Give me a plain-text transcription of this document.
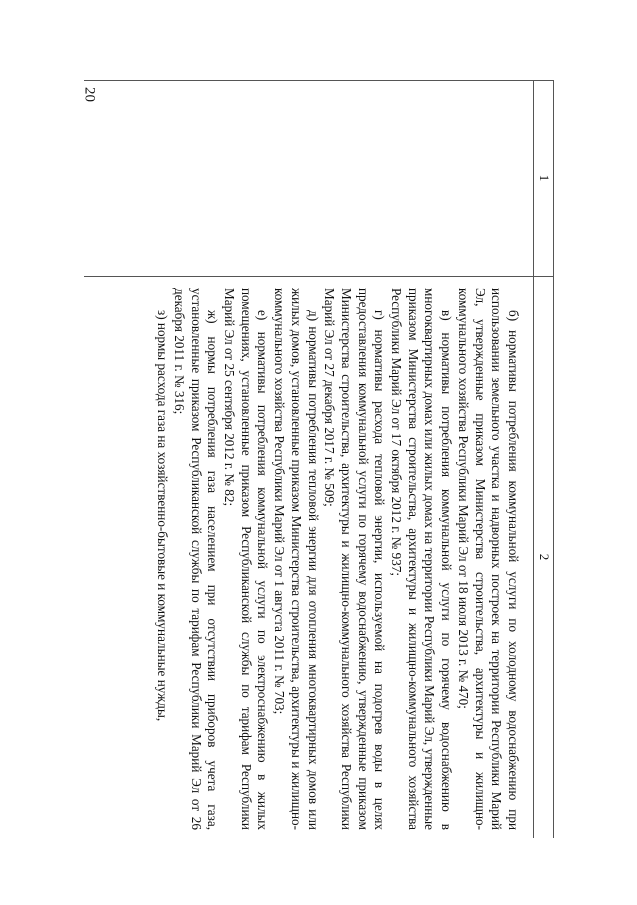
20
1
2

б) нормативы потребления коммунальной услуги по холодному водоснабжению при использовании земельного участка и надворных построек на территории Республики Марий Эл, утвержденные приказом Министерства строительства, архитектуры и жилищно-коммунального хозяйства Республики Марий Эл от 18 июля 2013 г. № 470;

в) нормативы потребления коммунальной услуги по горячему водоснабжению в многоквартирных домах или жилых домах на территории Республики Марий Эл, утвержденные приказом Министерства строительства, архитектуры и жилищно-коммунального хозяйства Республики Марий Эл от 17 октября 2012 г. № 937;

г) нормативы расхода тепловой энергии, используемой на подогрев воды в целях предоставления коммунальной услуги по горячему водоснабжению, утвержденные приказом Министерства строительства, архитектуры и жилищно-коммунального хозяйства Республики Марий Эл от 27 декабря 2017 г. № 509;

д) нормативы потребления тепловой энергии для отопления многоквартирных домов или жилых домов, установленные приказом Министерства строительства, архитектуры и жилищно-коммунального хозяйства Республики Марий Эл от 1 августа 2011 г. № 703;

е) нормативы потребления коммунальной услуги по электроснабжению в жилых помещениях, установленные приказом Республиканской службы по тарифам Республики Марий Эл от 25 сентября 2012 г. № 82;

ж) нормы потребления газа населением при отсутствии приборов учета газа, установленные приказом Республиканской службы по тарифам Республики Марий Эл от 26 декабря 2011 г. № 316;

з) нормы расхода газа на хозяйственно-бытовые и коммунальные нужды,
